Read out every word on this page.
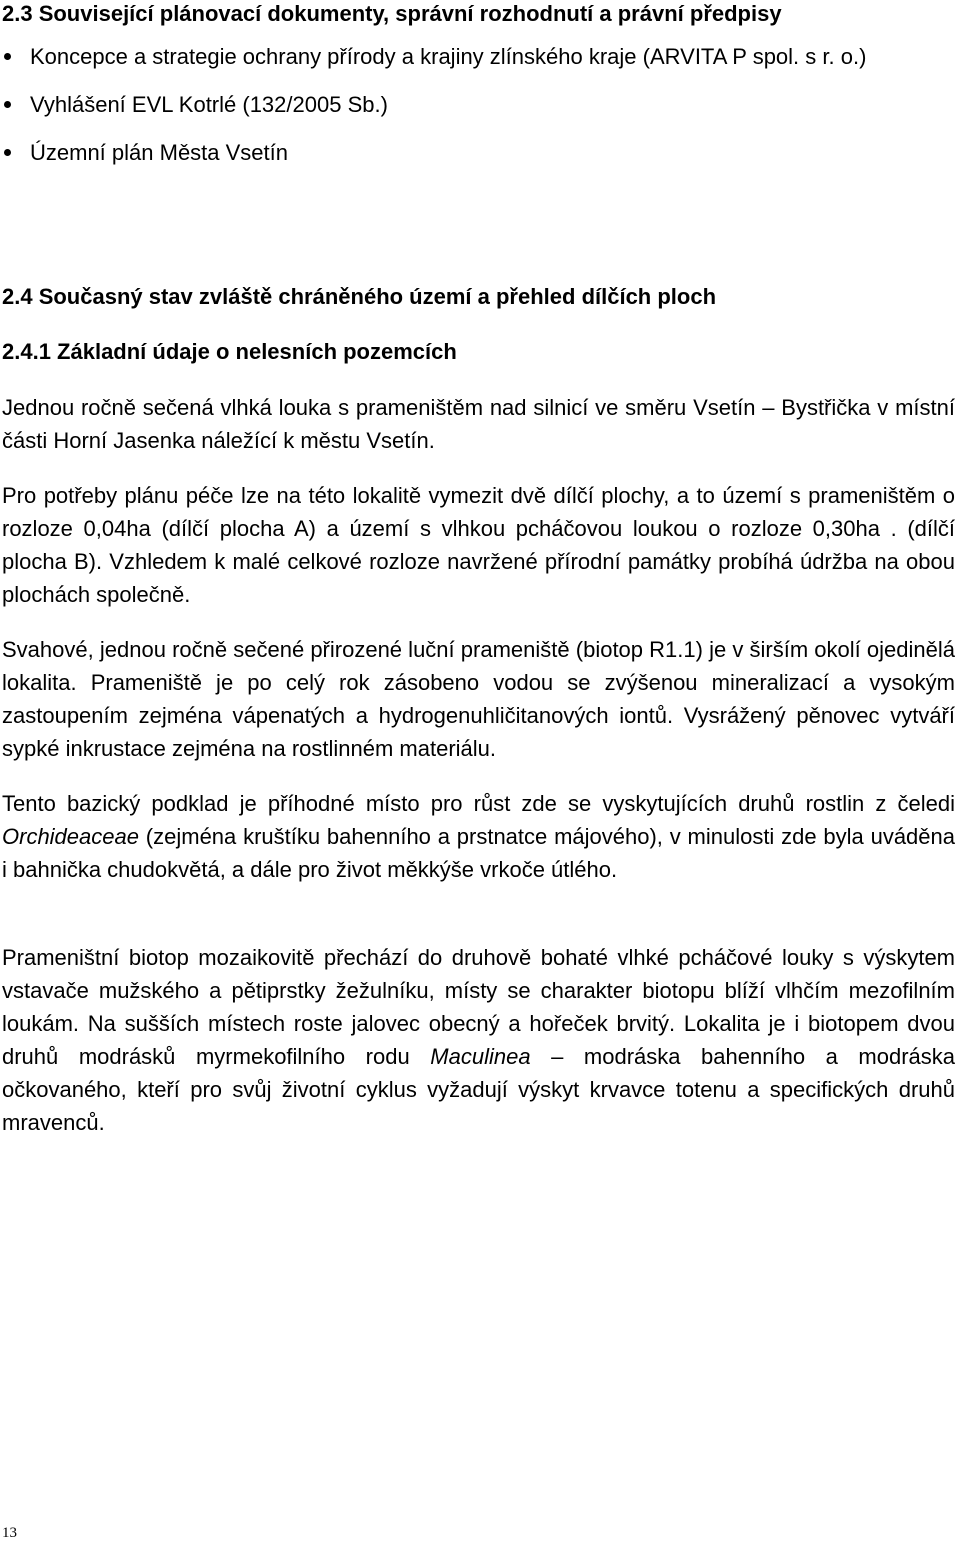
2.3 Související plánovací dokumenty, správní rozhodnutí a právní předpisy
Koncepce a strategie ochrany přírody a krajiny zlínského kraje (ARVITA P spol. s r. o.)
Vyhlášení EVL Kotrlé (132/2005 Sb.)
Územní plán Města Vsetín
2.4 Současný stav zvláště chráněného území a přehled dílčích ploch
2.4.1 Základní údaje o nelesních pozemcích

Jednou ročně sečená vlhká louka s prameništěm nad silnicí ve směru Vsetín – Bystřička v místní části Horní Jasenka náležící k městu Vsetín.

Pro potřeby plánu péče lze na této lokalitě vymezit dvě dílčí plochy, a to území s prameništěm o rozloze 0,04ha (dílčí plocha A) a území s vlhkou pcháčovou loukou o rozloze 0,30ha . (dílčí plocha B). Vzhledem k malé celkové rozloze navržené přírodní památky probíhá údržba na obou plochách společně.

Svahové, jednou ročně sečené přirozené luční prameniště (biotop R1.1) je v širším okolí ojedinělá lokalita. Prameniště je po celý rok zásobeno vodou se zvýšenou mineralizací a vysokým zastoupením zejména vápenatých a hydrogenuhličitanových iontů. Vysrážený pěnovec vytváří sypké inkrustace zejména na rostlinném materiálu.

Tento bazický podklad je příhodné místo pro růst zde se vyskytujících druhů rostlin z čeledi Orchideaceae (zejména kruštíku bahenního a prstnatce májového), v minulosti zde byla uváděna i bahnička chudokvětá, a dále pro život měkkýše vrkoče útlého.

Prameništní biotop mozaikovitě přechází do druhově bohaté vlhké pcháčové louky s výskytem vstavače mužského a pětiprstky žežulníku, místy se charakter biotopu blíží vlhčím mezofilním loukám. Na sušších místech roste jalovec obecný a hořeček brvitý. Lokalita je i biotopem dvou druhů modrásků myrmekofilního rodu Maculinea – modráska bahenního a modráska očkovaného, kteří pro svůj životní cyklus vyžadují výskyt krvavce totenu a specifických druhů mravenců.

13
